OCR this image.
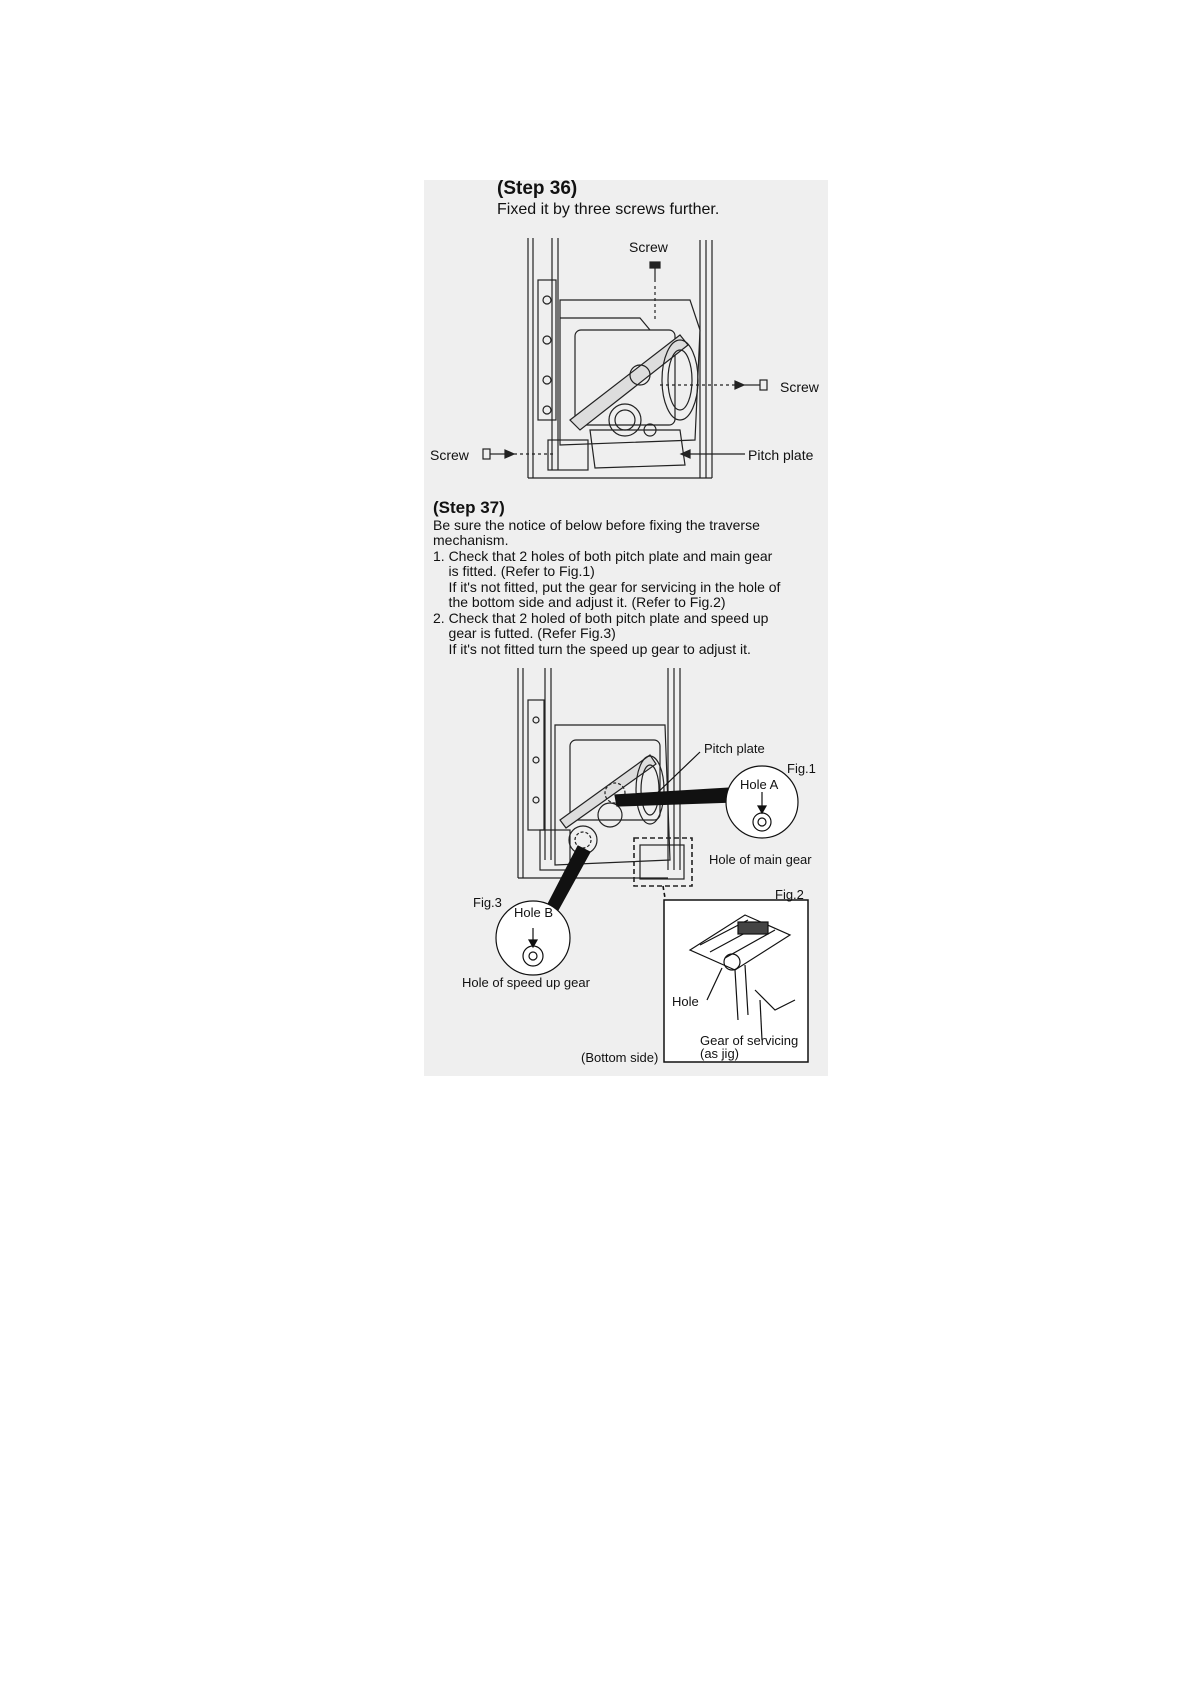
(Step 36)
Fixed it by three screws further.
Screw
Screw
Screw	Pitch plate
(Step 37)
Be sure the notice of below before fixing the traverse
mechanism.
1. Check that 2 holes of both pitch plate and main gear
is fitted. (Refer to Fig.1)
If it's not fitted, put the gear for servicing in the hole of
the bottom side and adjust it. (Refer to Fig.2)
2. Check that 2 holed of both pitch plate and speed up
gear is futted. (Refer Fig.3)
If it's not fitted turn the speed up gear to adjust it.
Pitch plate
Fig.1
Hole A
Hole of main gear
Fig.3
Hole B
Hole of speed up gear
Fig.2
Hole
Gear of servicing
(as jig)
(Bottom side)
